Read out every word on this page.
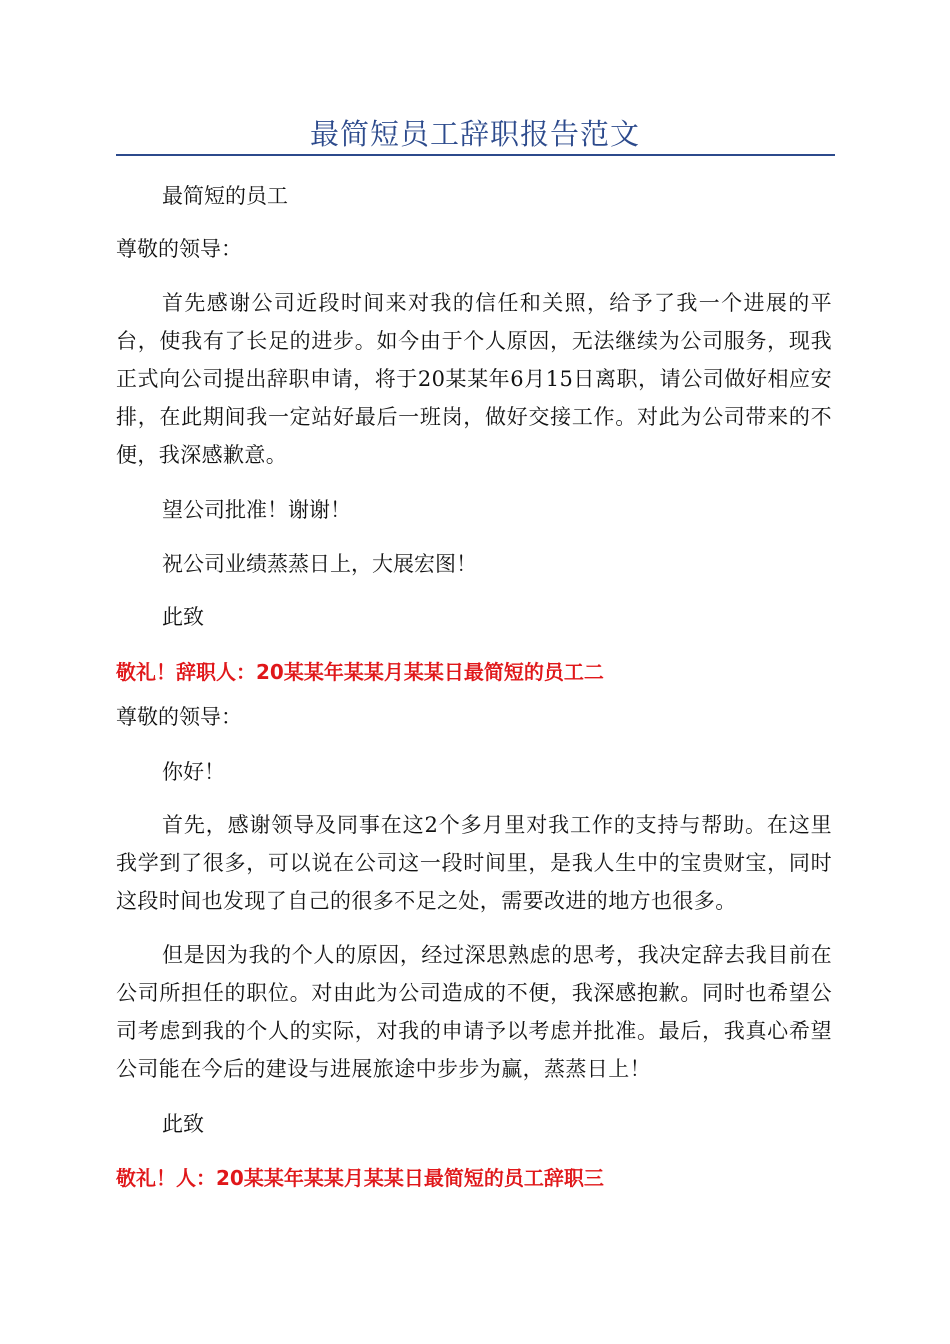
最简短员工辞职报告范文
最简短的员工
尊敬的领导：
首先感谢公司近段时间来对我的信任和关照，给予了我一个进展的平台，使我有了长足的进步。如今由于个人原因，无法继续为公司服务，现我正式向公司提出辞职申请，将于20某某年6月15日离职，请公司做好相应安排，在此期间我一定站好最后一班岗，做好交接工作。对此为公司带来的不便，我深感歉意。
望公司批准！谢谢！
祝公司业绩蒸蒸日上，大展宏图！
此致
敬礼！辞职人：20某某年某某月某某日最简短的员工二
尊敬的领导：
你好！
首先，感谢领导及同事在这2个多月里对我工作的支持与帮助。在这里我学到了很多，可以说在公司这一段时间里，是我人生中的宝贵财宝，同时这段时间也发现了自己的很多不足之处，需要改进的地方也很多。
但是因为我的个人的原因，经过深思熟虑的思考，我决定辞去我目前在公司所担任的职位。对由此为公司造成的不便，我深感抱歉。同时也希望公司考虑到我的个人的实际，对我的申请予以考虑并批准。最后，我真心希望公司能在今后的建设与进展旅途中步步为赢，蒸蒸日上！
此致
敬礼！人：20某某年某某月某某日最简短的员工辞职三
